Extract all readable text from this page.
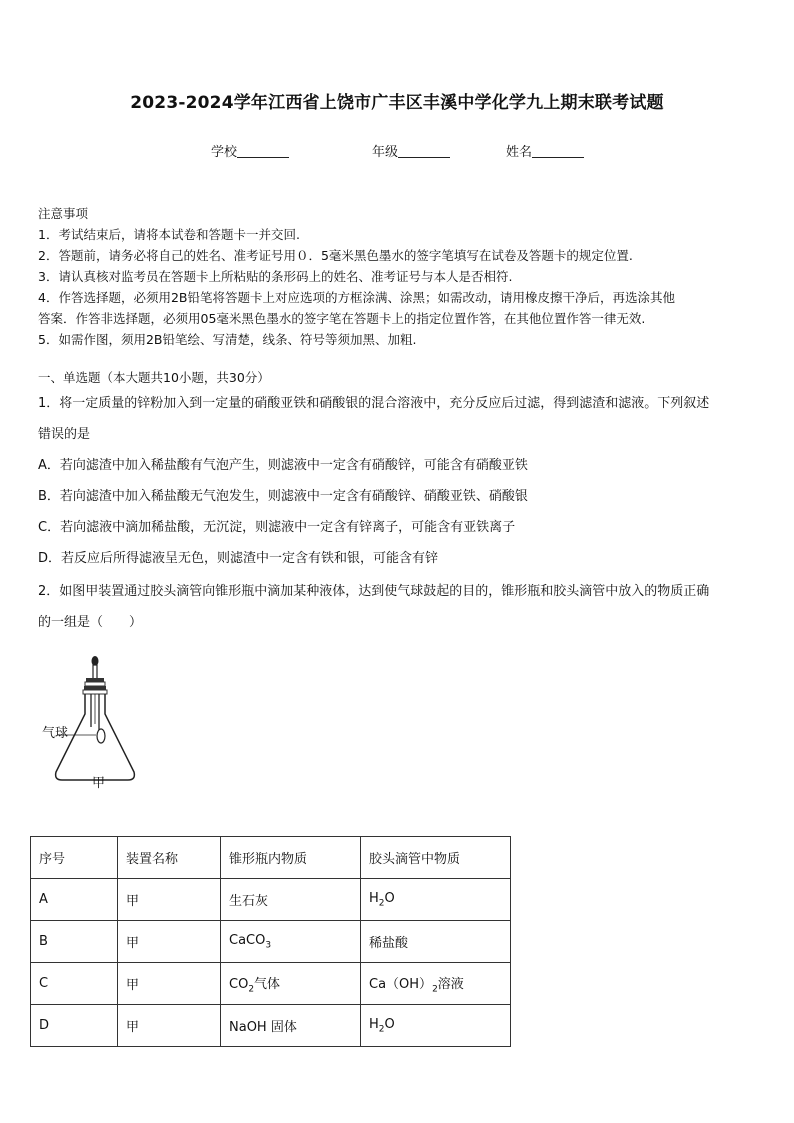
2023-2024学年江西省上饶市广丰区丰溪中学化学九上期末联考试题
学校	年级	姓名

注意事项

1．考试结束后，请将本试卷和答题卡一并交回.

2．答题前，请务必将自己的姓名、准考证号用０．5毫米黑色墨水的签字笔填写在试卷及答题卡的规定位置.

3．请认真核对监考员在答题卡上所粘贴的条形码上的姓名、准考证号与本人是否相符.

4．作答选择题，必须用2B铅笔将答题卡上对应选项的方框涂满、涂黑；如需改动，请用橡皮擦干净后，再选涂其他

答案．作答非选择题，必须用05毫米黑色墨水的签字笔在答题卡上的指定位置作答，在其他位置作答一律无效.

5．如需作图，须用2B铅笔绘、写清楚，线条、符号等须加黑、加粗.

一、单选题（本大题共10小题，共30分）

1．将一定质量的锌粉加入到一定量的硝酸亚铁和硝酸银的混合溶液中，充分反应后过滤，得到滤渣和滤液。下列叙述

错误的是

A．若向滤渣中加入稀盐酸有气泡产生，则滤液中一定含有硝酸锌，可能含有硝酸亚铁

B．若向滤渣中加入稀盐酸无气泡发生，则滤液中一定含有硝酸锌、硝酸亚铁、硝酸银

C．若向滤液中滴加稀盐酸，无沉淀，则滤液中一定含有锌离子，可能含有亚铁离子

D．若反应后所得滤液呈无色，则滤渣中一定含有铁和银，可能含有锌

2．如图甲装置通过胶头滴管向锥形瓶中滴加某种液体，达到使气球鼓起的目的，锥形瓶和胶头滴管中放入的物质正确

的一组是（　　）

气球
甲
序号	装置名称	锥形瓶内物质	胶头滴管中物质
A	甲	生石灰	$H_2O$
B	甲	CaCO$_3$	稀盐酸
C	甲	$CO_2$气体	$Ca(OH)_2$溶液
D	甲	NaOH 固体	$H_2O$
